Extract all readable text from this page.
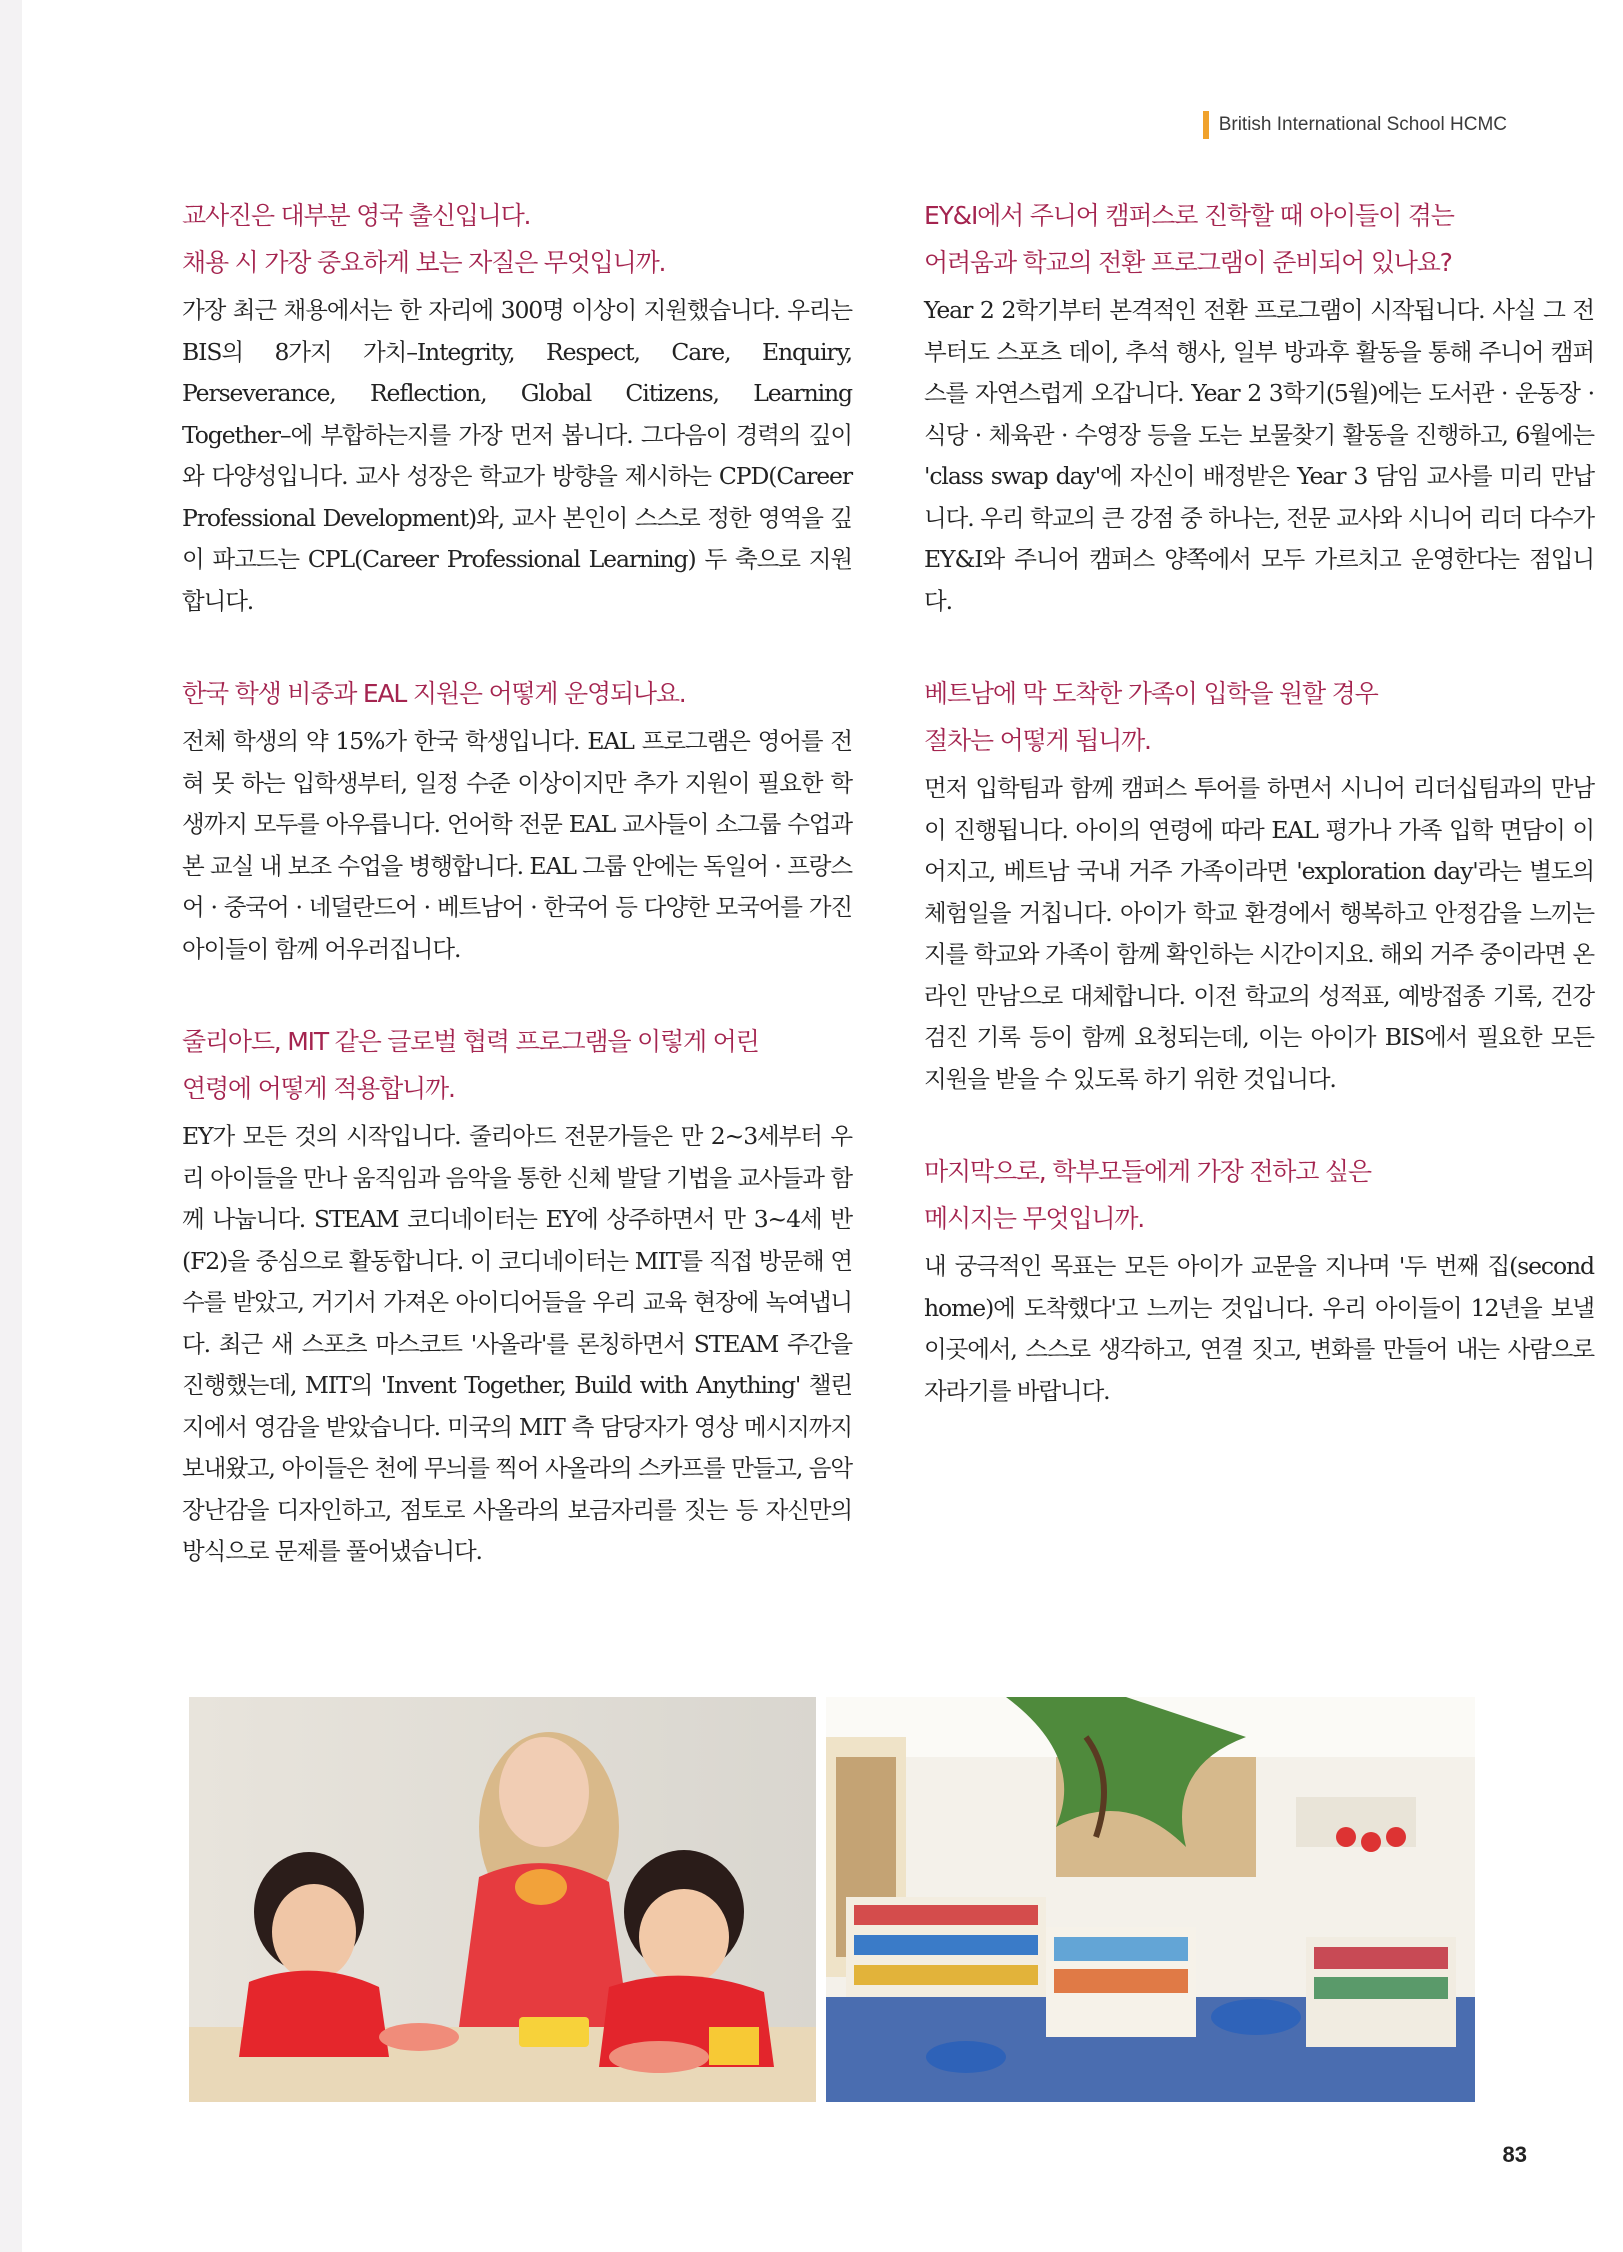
British International School HCMC
교사진은 대부분 영국 출신입니다.
채용 시 가장 중요하게 보는 자질은 무엇입니까.

가장 최근 채용에서는 한 자리에 300명 이상이 지원했습니다. 우리는 BIS의 8가지 가치–Integrity, Respect, Care, Enquiry, Perseverance, Reflection, Global Citizens, Learning Together–에 부합하는지를 가장 먼저 봅니다. 그다음이 경력의 깊이와 다양성입니다. 교사 성장은 학교가 방향을 제시하는 CPD(Career Professional Development)와, 교사 본인이 스스로 정한 영역을 깊이 파고드는 CPL(Career Professional Learning) 두 축으로 지원합니다.

한국 학생 비중과 EAL 지원은 어떻게 운영되나요.

전체 학생의 약 15%가 한국 학생입니다. EAL 프로그램은 영어를 전혀 못 하는 입학생부터, 일정 수준 이상이지만 추가 지원이 필요한 학생까지 모두를 아우릅니다. 언어학 전문 EAL 교사들이 소그룹 수업과 본 교실 내 보조 수업을 병행합니다. EAL 그룹 안에는 독일어 · 프랑스어 · 중국어 · 네덜란드어 · 베트남어 · 한국어 등 다양한 모국어를 가진 아이들이 함께 어우러집니다.

줄리아드, MIT 같은 글로벌 협력 프로그램을 이렇게 어린
연령에 어떻게 적용합니까.

EY가 모든 것의 시작입니다. 줄리아드 전문가들은 만 2~3세부터 우리 아이들을 만나 움직임과 음악을 통한 신체 발달 기법을 교사들과 함께 나눕니다. STEAM 코디네이터는 EY에 상주하면서 만 3~4세 반(F2)을 중심으로 활동합니다. 이 코디네이터는 MIT를 직접 방문해 연수를 받았고, 거기서 가져온 아이디어들을 우리 교육 현장에 녹여냅니다. 최근 새 스포츠 마스코트 '사올라'를 론칭하면서 STEAM 주간을 진행했는데, MIT의 'Invent Together, Build with Anything' 챌린지에서 영감을 받았습니다. 미국의 MIT 측 담당자가 영상 메시지까지 보내왔고, 아이들은 천에 무늬를 찍어 사올라의 스카프를 만들고, 음악 장난감을 디자인하고, 점토로 사올라의 보금자리를 짓는 등 자신만의 방식으로 문제를 풀어냈습니다.

EY&I에서 주니어 캠퍼스로 진학할 때 아이들이 겪는
어려움과 학교의 전환 프로그램이 준비되어 있나요?

Year 2 2학기부터 본격적인 전환 프로그램이 시작됩니다. 사실 그 전부터도 스포츠 데이, 추석 행사, 일부 방과후 활동을 통해 주니어 캠퍼스를 자연스럽게 오갑니다. Year 2 3학기(5월)에는 도서관 · 운동장 · 식당 · 체육관 · 수영장 등을 도는 보물찾기 활동을 진행하고, 6월에는 'class swap day'에 자신이 배정받은 Year 3 담임 교사를 미리 만납니다. 우리 학교의 큰 강점 중 하나는, 전문 교사와 시니어 리더 다수가 EY&I와 주니어 캠퍼스 양쪽에서 모두 가르치고 운영한다는 점입니다.

베트남에 막 도착한 가족이 입학을 원할 경우
절차는 어떻게 됩니까.

먼저 입학팀과 함께 캠퍼스 투어를 하면서 시니어 리더십팀과의 만남이 진행됩니다. 아이의 연령에 따라 EAL 평가나 가족 입학 면담이 이어지고, 베트남 국내 거주 가족이라면 'exploration day'라는 별도의 체험일을 거칩니다. 아이가 학교 환경에서 행복하고 안정감을 느끼는지를 학교와 가족이 함께 확인하는 시간이지요. 해외 거주 중이라면 온라인 만남으로 대체합니다. 이전 학교의 성적표, 예방접종 기록, 건강검진 기록 등이 함께 요청되는데, 이는 아이가 BIS에서 필요한 모든 지원을 받을 수 있도록 하기 위한 것입니다.

마지막으로, 학부모들에게 가장 전하고 싶은
메시지는 무엇입니까.

내 궁극적인 목표는 모든 아이가 교문을 지나며 '두 번째 집(second home)에 도착했다'고 느끼는 것입니다. 우리 아이들이 12년을 보낼 이곳에서, 스스로 생각하고, 연결 짓고, 변화를 만들어 내는 사람으로 자라기를 바랍니다.

83
